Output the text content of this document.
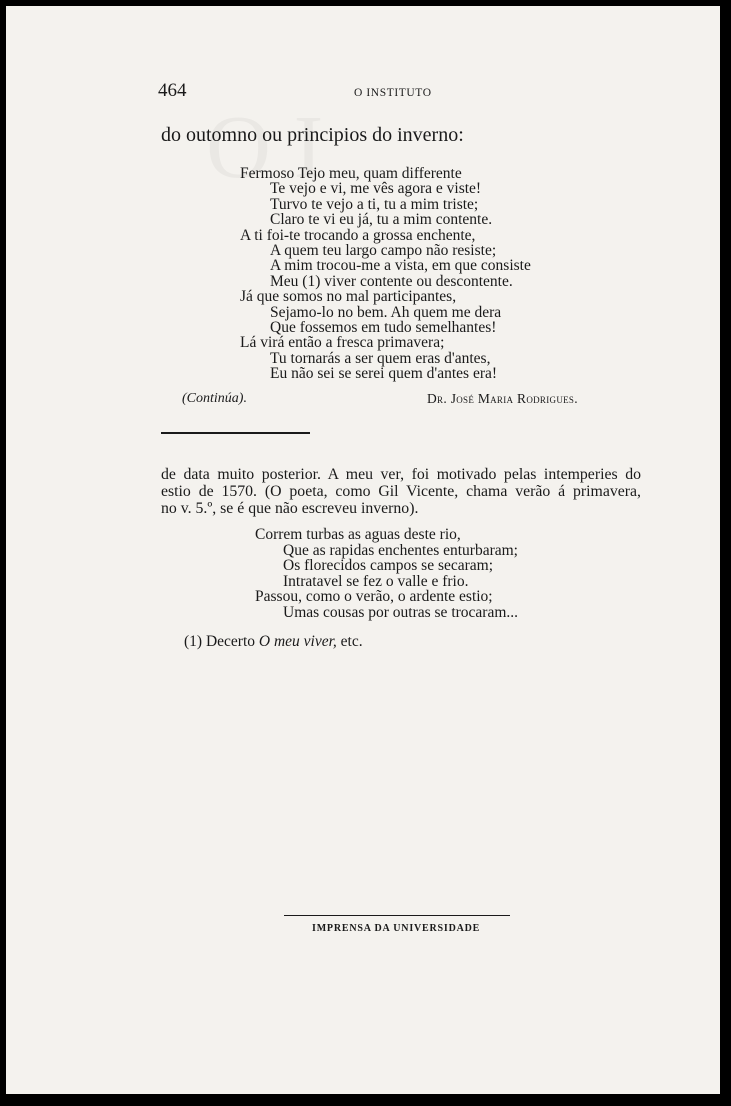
464	O INSTITUTO
do outomno ou principios do inverno:
Fermoso Tejo meu, quam differente
Te vejo e vi, me vês agora e viste!
Turvo te vejo a ti, tu a mim triste;
Claro te vi eu já, tu a mim contente.
A ti foi-te trocando a grossa enchente,
A quem teu largo campo não resiste;
A mim trocou-me a vista, em que consiste
Meu (1) viver contente ou descontente.
Já que somos no mal participantes,
Sejamo-lo no bem. Ah quem me dera
Que fossemos em tudo semelhantes!
Lá virá então a fresca primavera;
Tu tornarás a ser quem eras d'antes,
Eu não sei se serei quem d'antes era!
(Continúa).	Dr. José Maria Rodrigues.
de data muito posterior. A meu ver, foi motivado pelas intemperies do
estio de 1570. (O poeta, como Gil Vicente, chama verão á primavera,
no v. 5.º, se é que não escreveu inverno).
Correm turbas as aguas deste rio,
Que as rapidas enchentes enturbaram;
Os florecidos campos se secaram;
Intratavel se fez o valle e frio.
Passou, como o verão, o ardente estio;
Umas cousas por outras se trocaram...
(1) Decerto O meu viver, etc.
IMPRENSA DA UNIVERSIDADE
